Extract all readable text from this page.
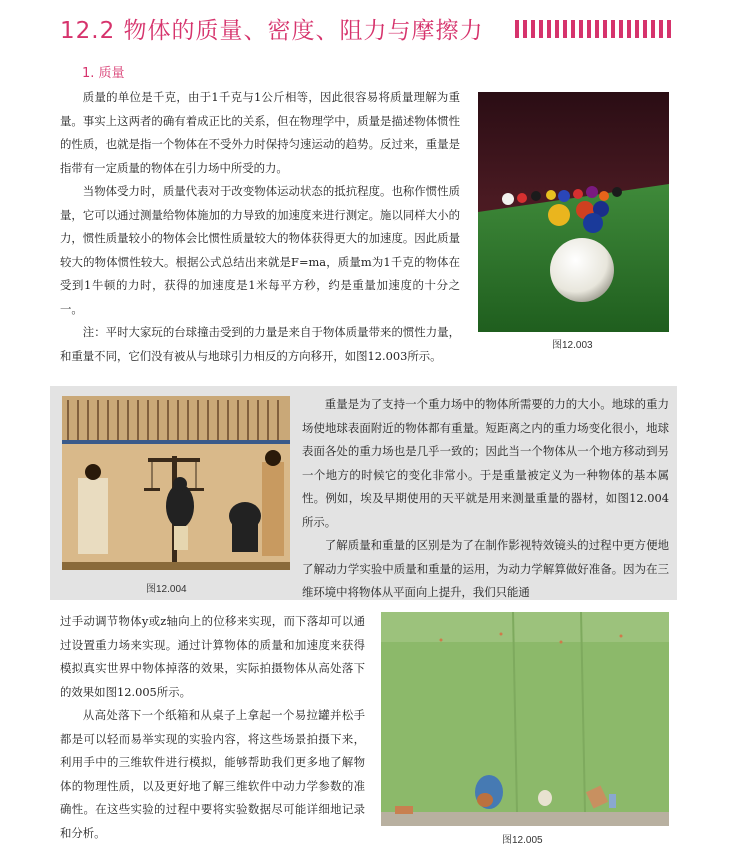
12.2 物体的质量、密度、阻力与摩擦力
1. 质量

质量的单位是千克，由于1千克与1公斤相等，因此很容易将质量理解为重量。事实上这两者的确有着成正比的关系，但在物理学中，质量是描述物体惯性的性质，也就是指一个物体在不受外力时保持匀速运动的趋势。反过来，重量是指带有一定质量的物体在引力场中所受的力。

当物体受力时，质量代表对于改变物体运动状态的抵抗程度。也称作惯性质量，它可以通过测量给物体施加的力导致的加速度来进行测定。施以同样大小的力，惯性质量较小的物体会比惯性质量较大的物体获得更大的加速度。因此质量较大的物体惯性较大。根据公式总结出来就是F=ma，质量m为1千克的物体在受到1牛顿的力时，获得的加速度是1米每平方秒，约是重量加速度的十分之一。

注：平时大家玩的台球撞击受到的力量是来自于物体质量带来的惯性力量，和重量不同，它们没有被从与地球引力相反的方向移开，如图12.003所示。

图12.003
图12.004

重量是为了支持一个重力场中的物体所需要的力的大小。地球的重力场使地球表面附近的物体都有重量。短距离之内的重力场变化很小，地球表面各处的重力场也是几乎一致的；因此当一个物体从一个地方移动到另一个地方的时候它的变化非常小。于是重量被定义为一种物体的基本属性。例如，埃及早期使用的天平就是用来测量重量的器材，如图12.004所示。

了解质量和重量的区别是为了在制作影视特效镜头的过程中更方便地了解动力学实验中质量和重量的运用，为动力学解算做好准备。因为在三维环境中将物体从平面向上提升，我们只能通

过手动调节物体y或z轴向上的位移来实现，而下落却可以通过设置重力场来实现。通过计算物体的质量和加速度来获得模拟真实世界中物体掉落的效果，实际拍摄物体从高处落下的效果如图12.005所示。

从高处落下一个纸箱和从桌子上拿起一个易拉罐并松手都是可以轻而易举实现的实验内容，将这些场景拍摄下来，利用手中的三维软件进行模拟，能够帮助我们更多地了解物体的物理性质，以及更好地了解三维软件中动力学参数的准确性。在这些实验的过程中要将实验数据尽可能详细地记录和分析。

图12.005
